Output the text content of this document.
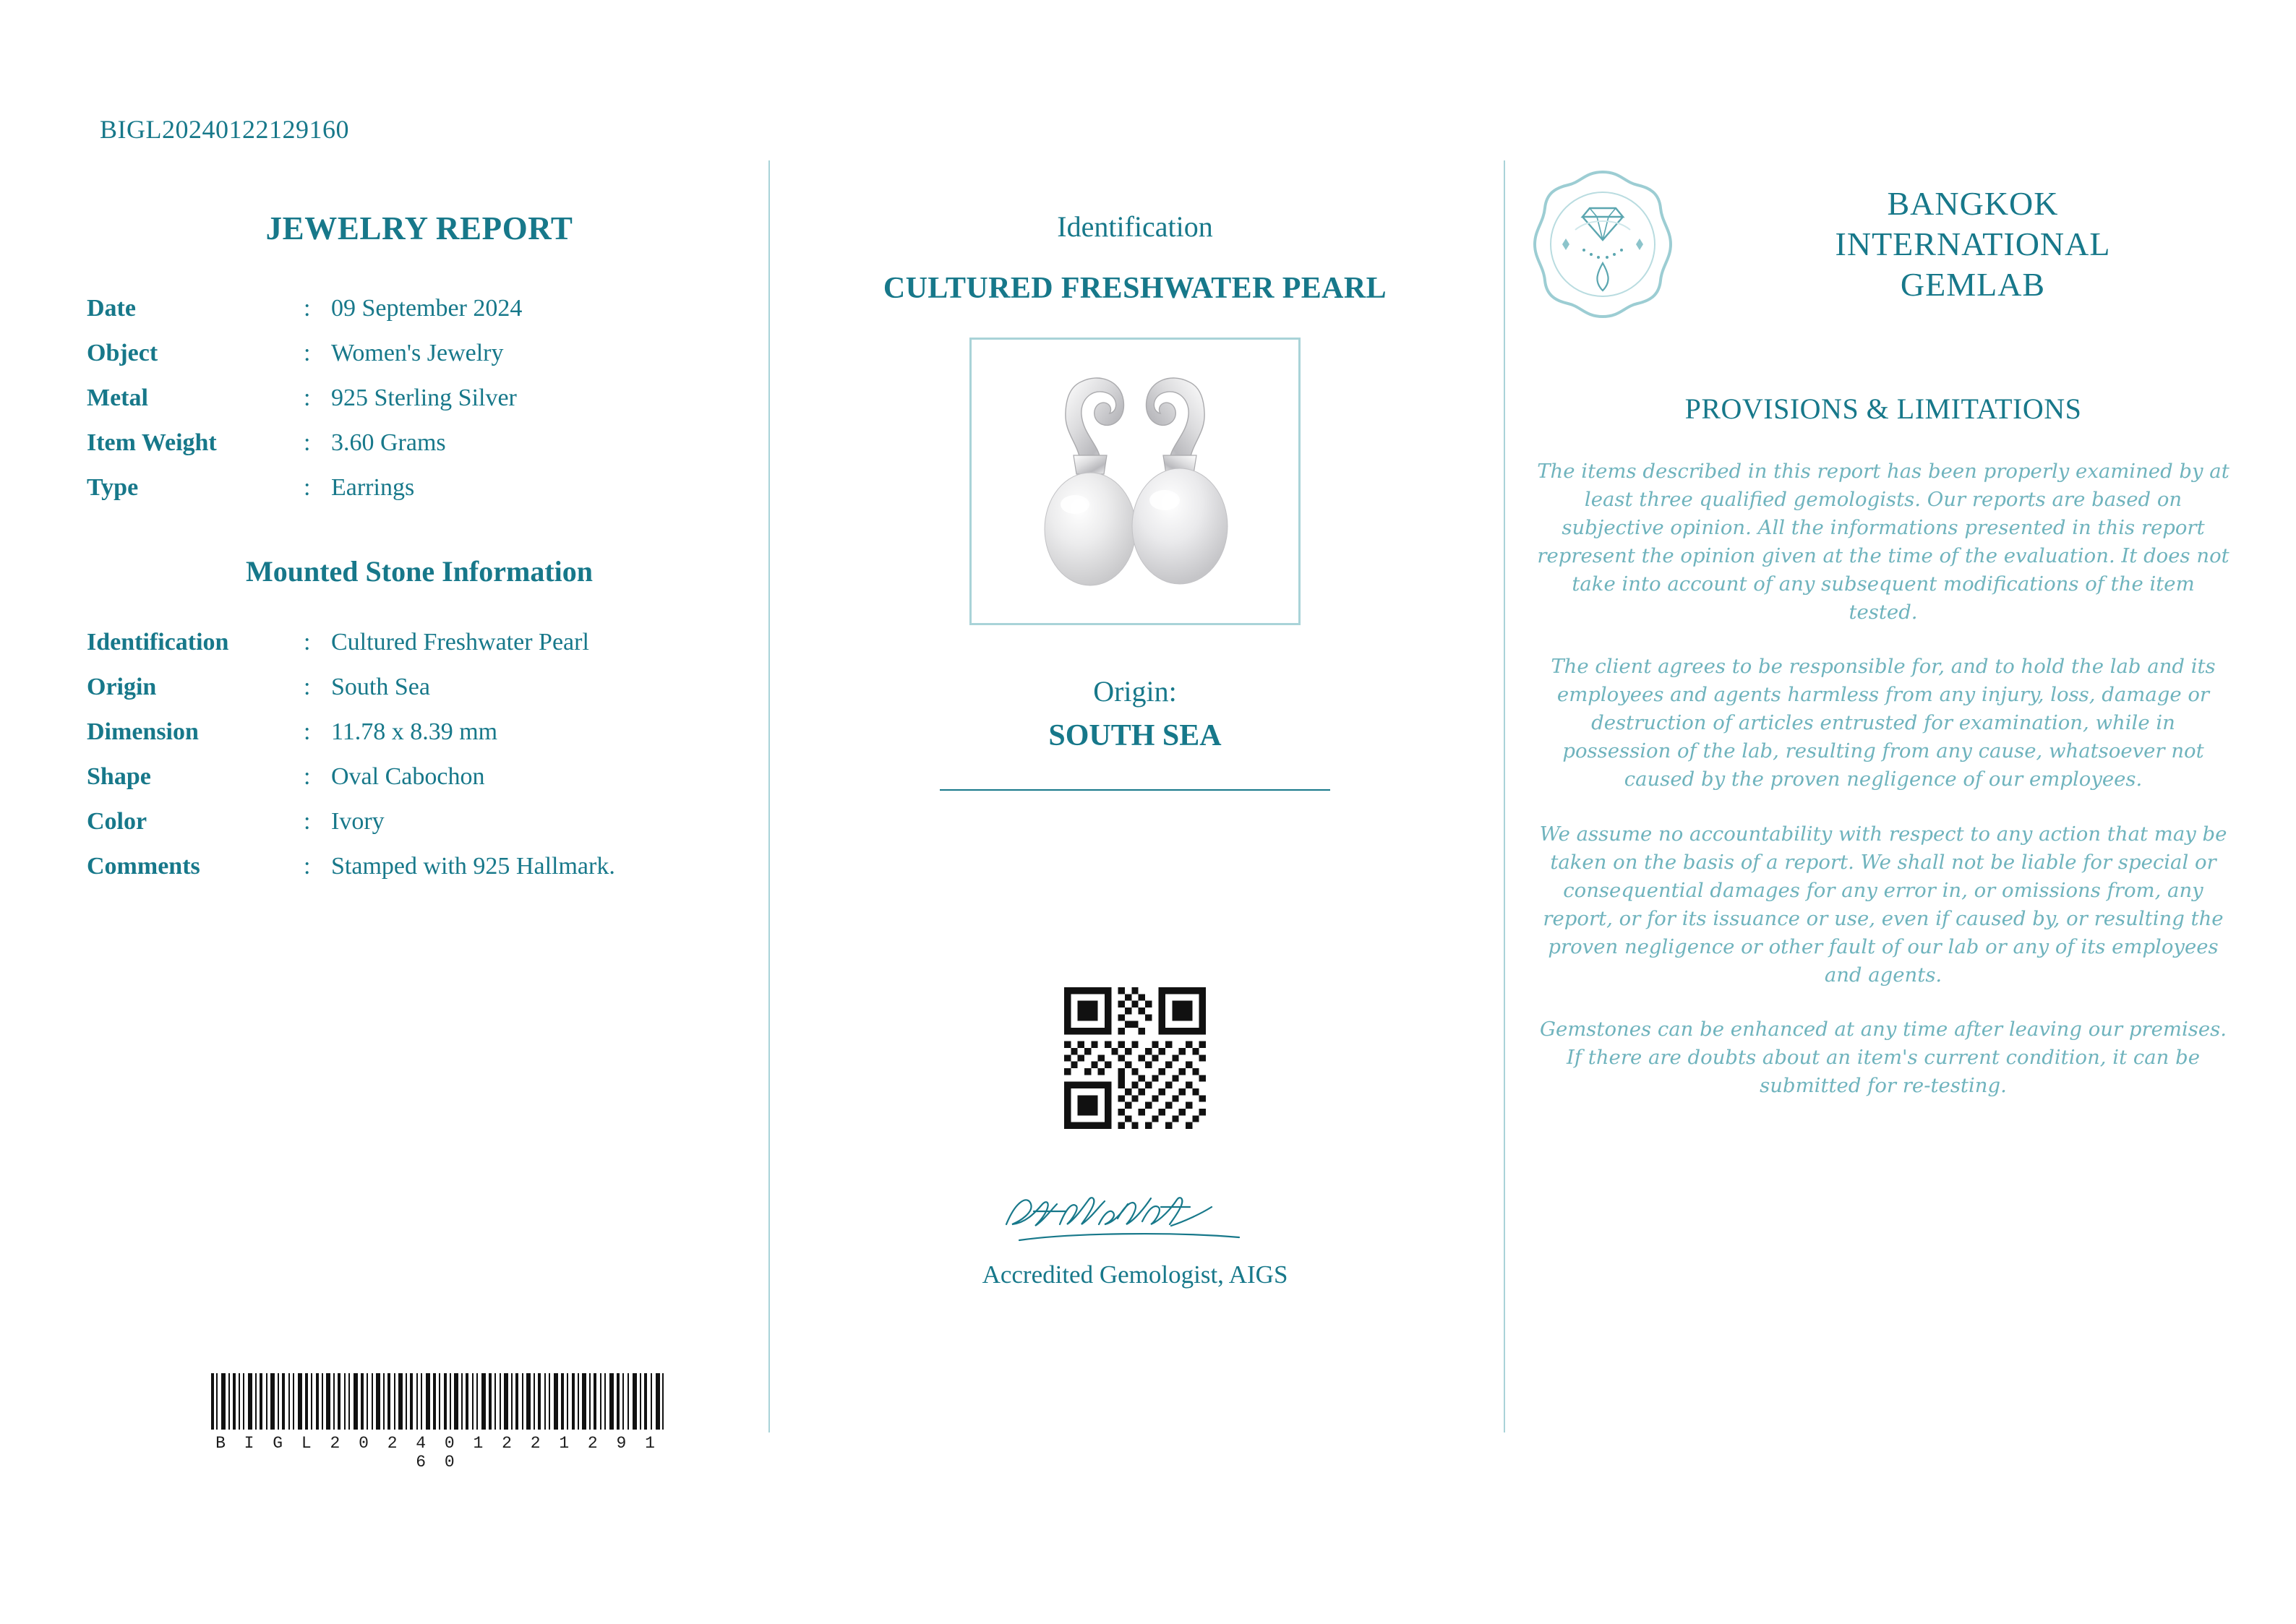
BIGL20240122129160
JEWELRY REPORT
Date	:	09 September 2024
Object	:	Women's Jewelry
Metal	:	925 Sterling Silver
Item Weight	:	3.60 Grams
Type	:	Earrings
Mounted Stone Information
Identification	:	Cultured Freshwater Pearl
Origin	:	South Sea
Dimension	:	11.78 x 8.39 mm
Shape	:	Oval Cabochon
Color	:	Ivory
Comments	:	Stamped with 925 Hallmark.
B I G L 2 0 2 4 0 1 2 2 1 2 9 1 6 0
Identification
CULTURED FRESHWATER PEARL
Origin:
SOUTH SEA
Accredited Gemologist, AIGS
BANGKOK
INTERNATIONAL
GEMLAB
PROVISIONS & LIMITATIONS
The items described in this report has been properly examined by at least three qualified gemologists. Our reports are based on subjective opinion. All the informations presented in this report represent the opinion given at the time of the evaluation. It does not take into account of any subsequent modifications of the item tested.
The client agrees to be responsible for, and to hold the lab and its employees and agents harmless from any injury, loss, damage or destruction of articles entrusted for examination, while in possession of the lab, resulting from any cause, whatsoever not caused by the proven negligence of our employees.
We assume no accountability with respect to any action that may be taken on the basis of a report. We shall not be liable for special or consequential damages for any error in, or omissions from, any report, or for its issuance or use, even if caused by, or resulting the proven negligence or other fault of our lab or any of its employees and agents.
Gemstones can be enhanced at any time after leaving our premises. If there are doubts about an item's current condition, it can be submitted for re-testing.
